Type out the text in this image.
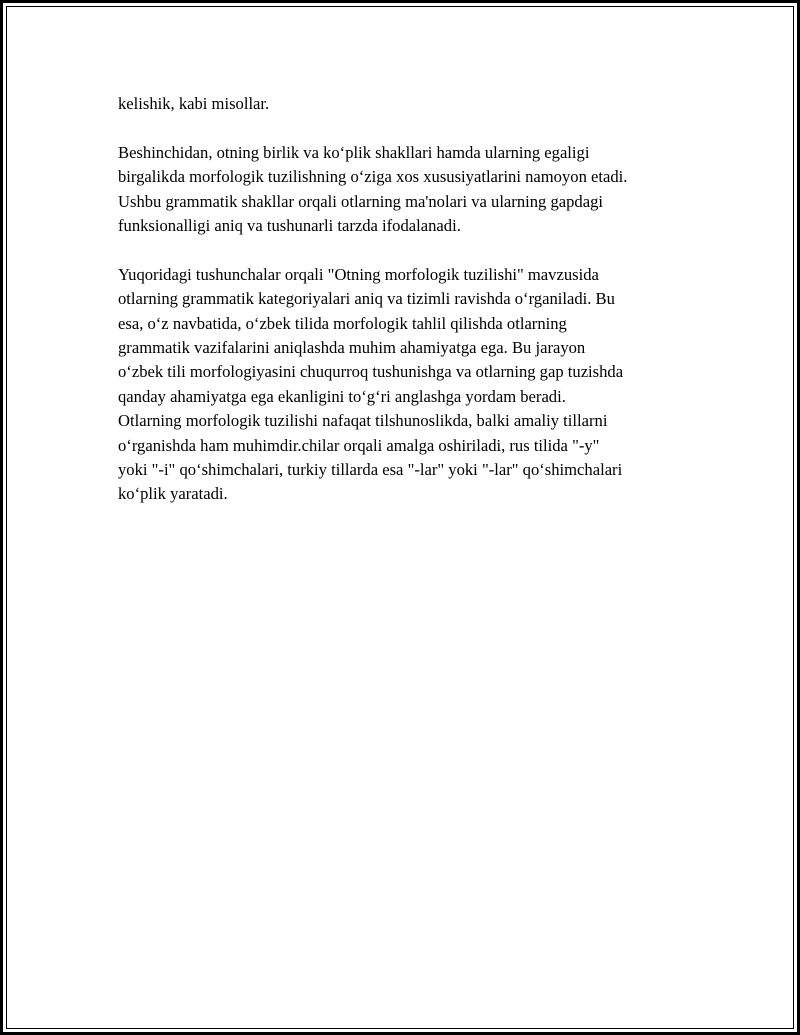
kelishik, kabi misollar.

Beshinchidan, otning birlik va koʻplik shakllari hamda ularning egaligi
birgalikda morfologik tuzilishning oʻziga xos xususiyatlarini namoyon etadi.
Ushbu grammatik shakllar orqali otlarning ma'nolari va ularning gapdagi
funksionalligi aniq va tushunarli tarzda ifodalanadi.

Yuqoridagi tushunchalar orqali "Otning morfologik tuzilishi" mavzusida
otlarning grammatik kategoriyalari aniq va tizimli ravishda oʻrganiladi. Bu
esa, oʻz navbatida, oʻzbek tilida morfologik tahlil qilishda otlarning
grammatik vazifalarini aniqlashda muhim ahamiyatga ega. Bu jarayon
oʻzbek tili morfologiyasini chuqurroq tushunishga va otlarning gap tuzishda
qanday ahamiyatga ega ekanligini toʻgʻri anglashga yordam beradi.
Otlarning morfologik tuzilishi nafaqat tilshunoslikda, balki amaliy tillarni
oʻrganishda ham muhimdir.chilar orqali amalga oshiriladi, rus tilida "-y"
yoki "-i" qoʻshimchalari, turkiy tillarda esa "-lar" yoki "-lar" qoʻshimchalari
koʻplik yaratadi.
